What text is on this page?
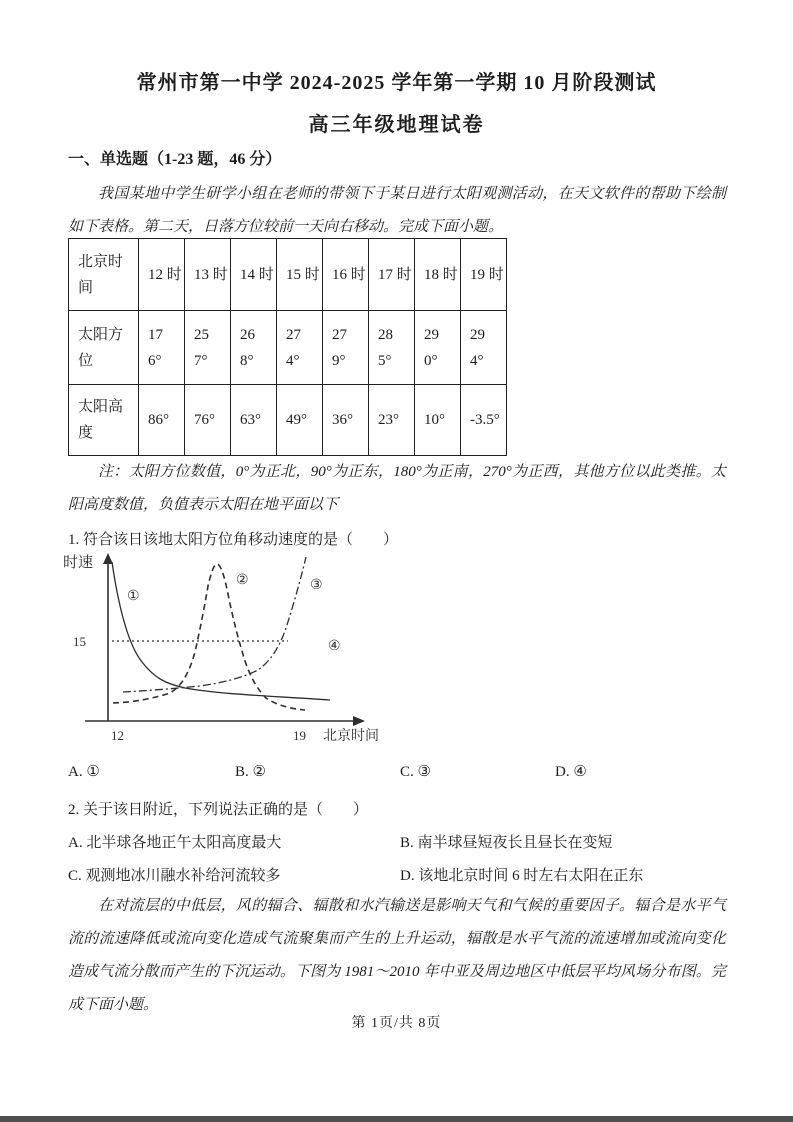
常州市第一中学 2024-2025 学年第一学期 10 月阶段测试
高三年级地理试卷
一、单选题（1-23 题，46 分）
我国某地中学生研学小组在老师的带领下于某日进行太阳观测活动，在天文软件的帮助下绘制如下表格。第二天，日落方位较前一天向右移动。完成下面小题。
北京时间	12 时	13 时	14 时	15 时	16 时	17 时	18 时	19 时
太阳方位	176°	257°	268°	274°	279°	285°	290°	294°
太阳高度	86°	76°	63°	49°	36°	23°	10°	-3.5°
注：太阳方位数值，0°为正北，90°为正东，180°为正南，270°为正西，其他方位以此类推。太阳高度数值，负值表示太阳在地平面以下
1. 符合该日该地太阳方位角移动速度的是（　　）
时速
15
12	19 北京时间
①
②	③
④
A. ①	B. ②	C. ③	D. ④
2. 关于该日附近，下列说法正确的是（　　）
A. 北半球各地正午太阳高度最大	B. 南半球昼短夜长且昼长在变短
C. 观测地冰川融水补给河流较多	D. 该地北京时间 6 时左右太阳在正东
在对流层的中低层，风的辐合、辐散和水汽输送是影响天气和气候的重要因子。辐合是水平气流的流速降低或流向变化造成气流聚集而产生的上升运动，辐散是水平气流的流速增加或流向变化造成气流分散而产生的下沉运动。下图为 1981～2010 年中亚及周边地区中低层平均风场分布图。完成下面小题。
第 1页/共 8页
